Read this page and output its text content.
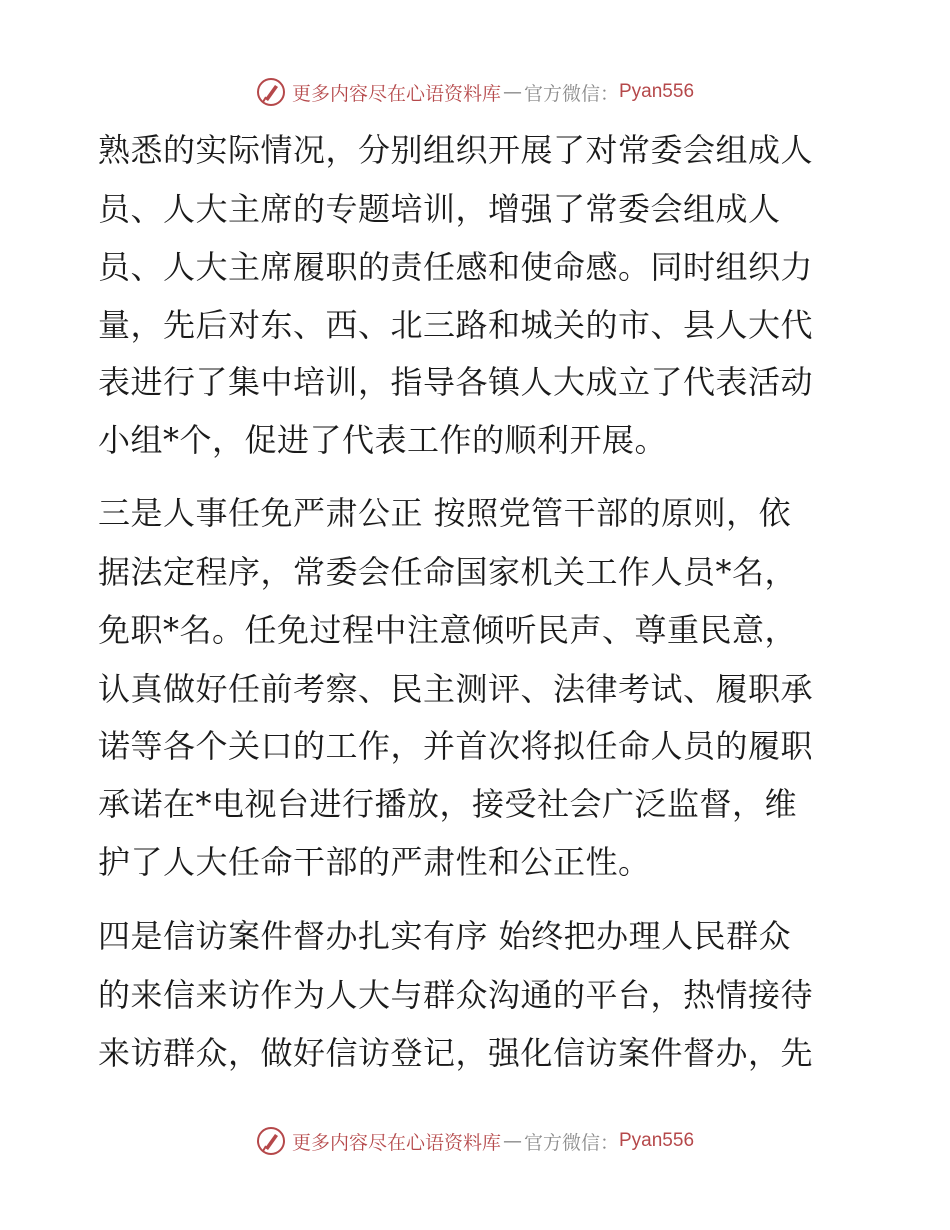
更多内容尽在心语资料库 — 官方微信： Pyan556
熟悉的实际情况，分别组织开展了对常委会组成人
员、人大主席的专题培训，增强了常委会组成人
员、人大主席履职的责任感和使命感。同时组织力
量，先后对东、西、北三路和城关的市、县人大代
表进行了集中培训，指导各镇人大成立了代表活动
小组*个，促进了代表工作的顺利开展。
三是人事任免严肃公正 按照党管干部的原则，依
据法定程序，常委会任命国家机关工作人员*名，
免职*名。任免过程中注意倾听民声、尊重民意，
认真做好任前考察、民主测评、法律考试、履职承
诺等各个关口的工作，并首次将拟任命人员的履职
承诺在*电视台进行播放，接受社会广泛监督，维
护了人大任命干部的严肃性和公正性。
四是信访案件督办扎实有序 始终把办理人民群众
的来信来访作为人大与群众沟通的平台，热情接待
来访群众，做好信访登记，强化信访案件督办，先
更多内容尽在心语资料库 — 官方微信： Pyan556
